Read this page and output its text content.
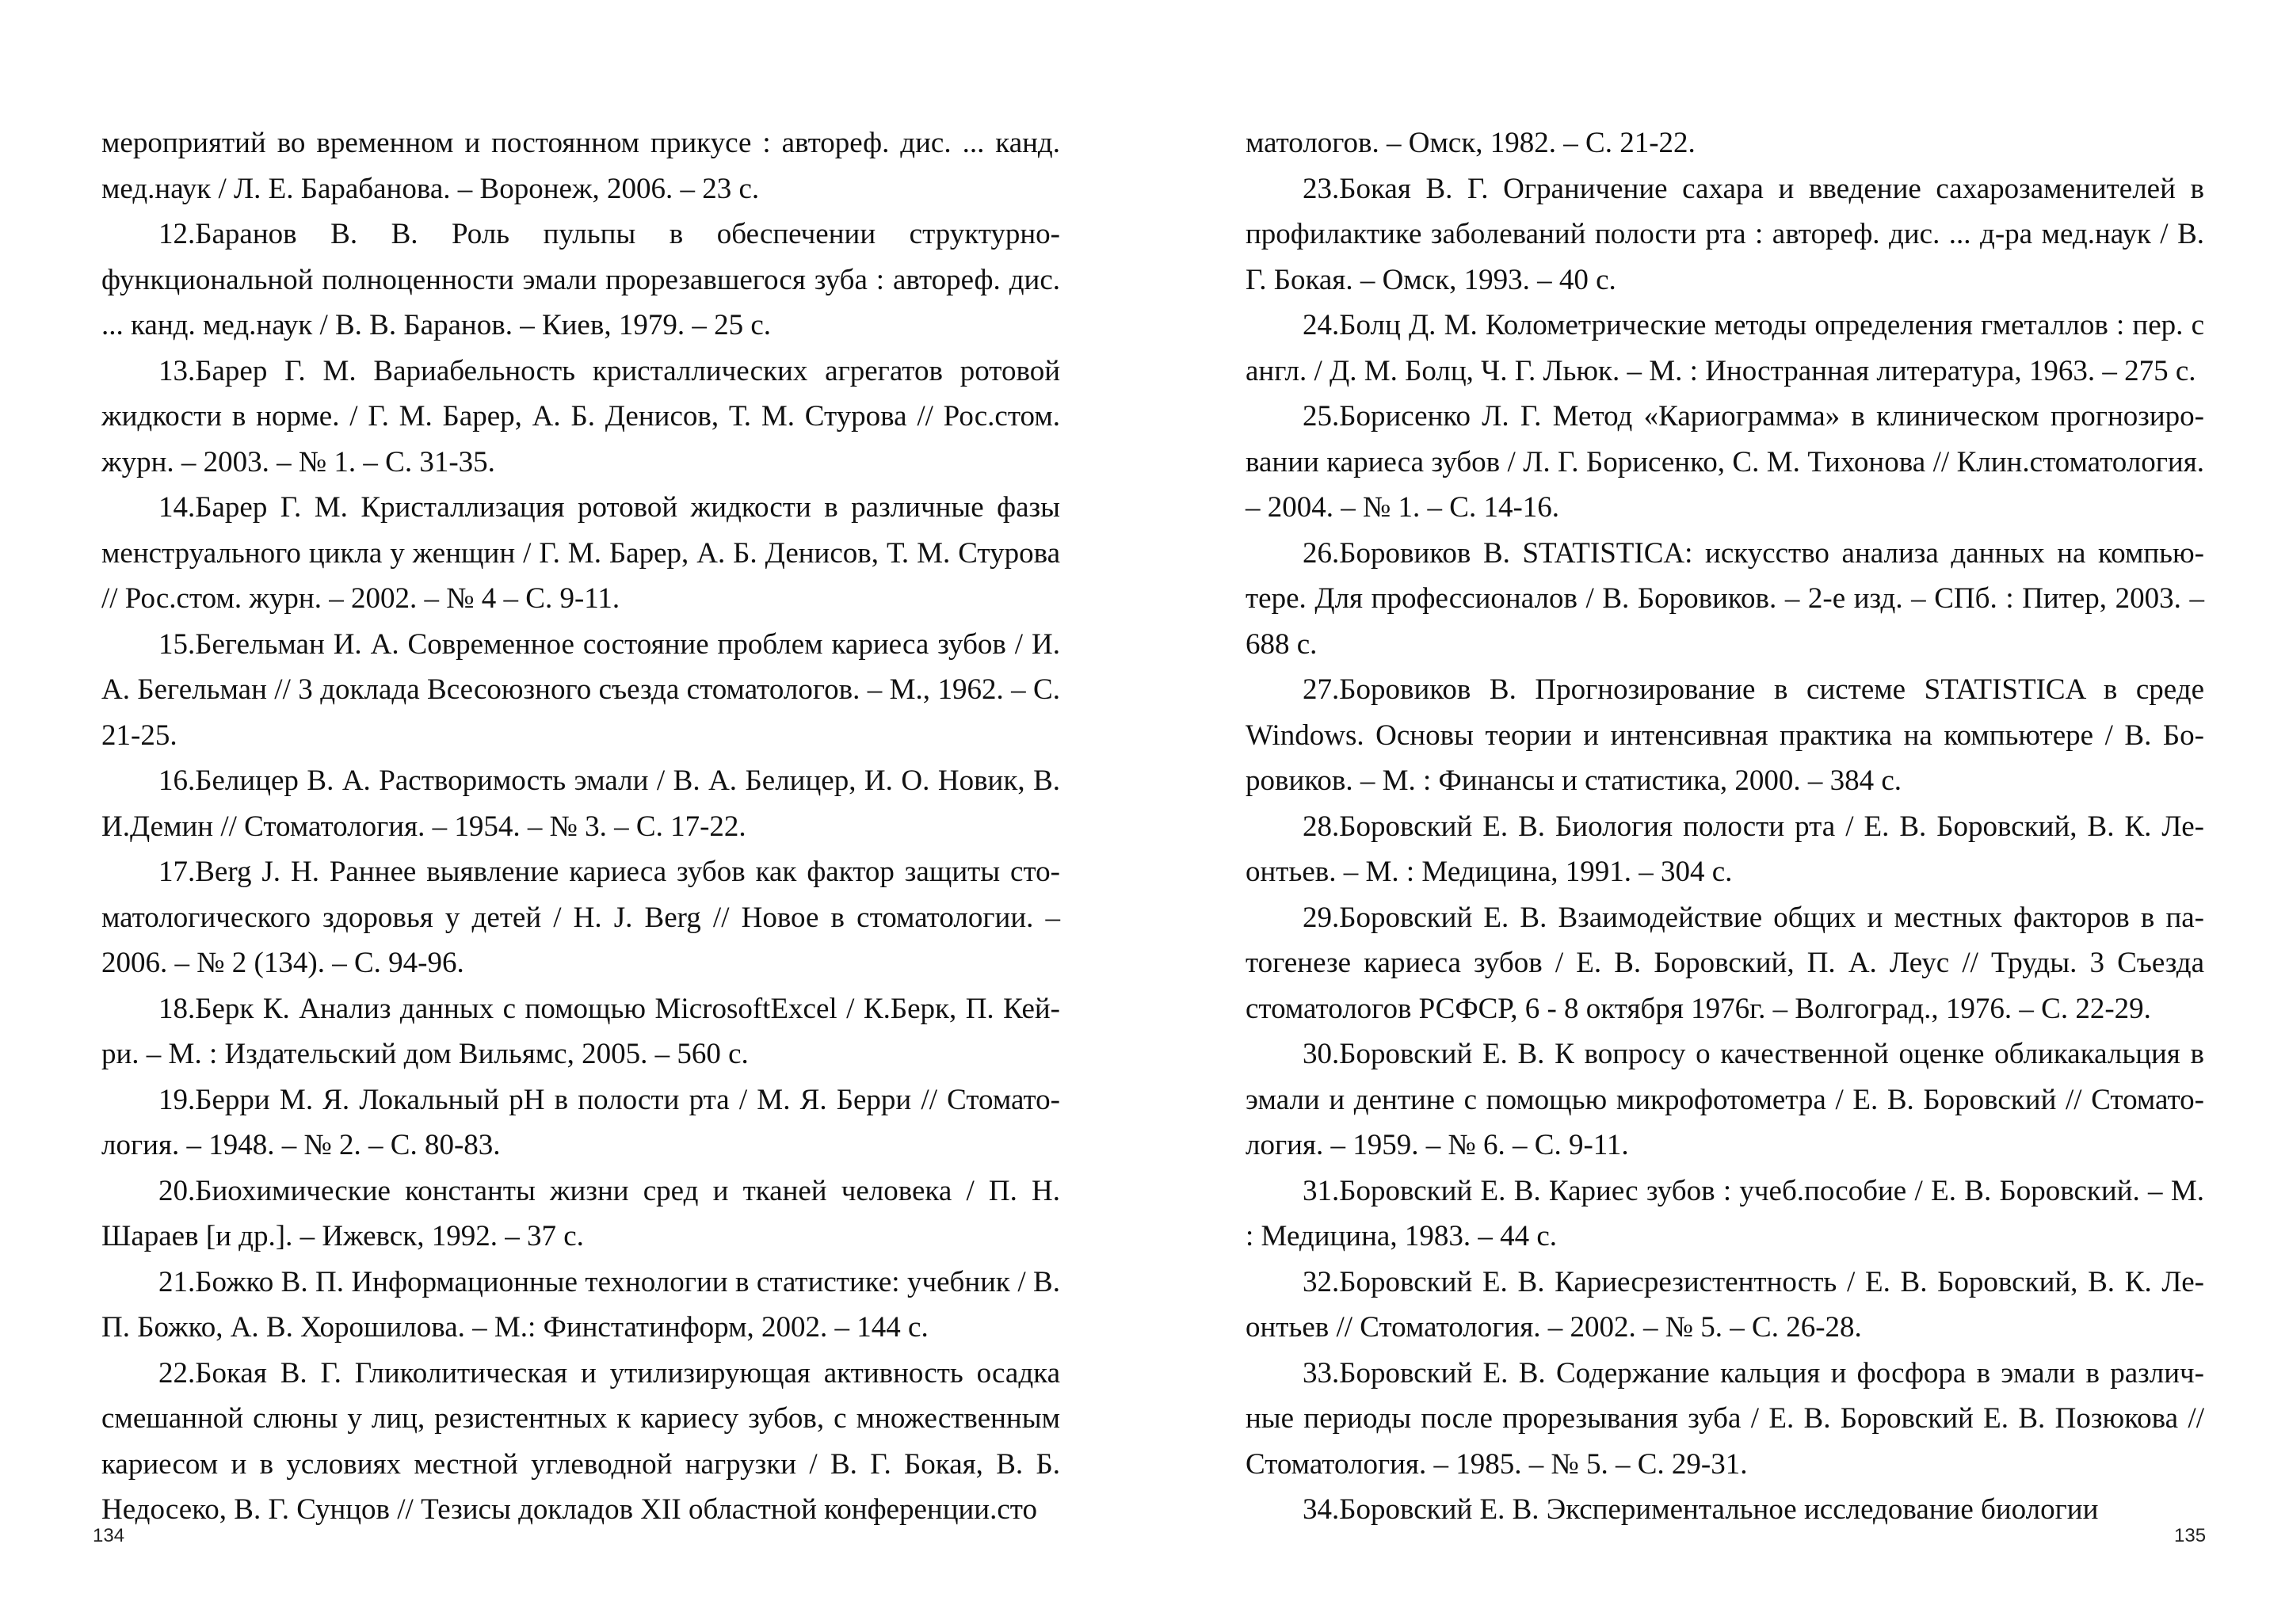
мероприятий во временном и постоянном прикусе : автореф. дис. ... канд. мед.наук / Л. Е. Барабанова. – Воронеж, 2006. – 23 с.

12.Баранов В. В. Роль пульпы в обеспечении структурно-функциональной полноценности эмали прорезавшегося зуба : автореф. дис. ... канд. мед.наук / В. В. Баранов. – Киев, 1979. – 25 с.

13.Барер Г. М. Вариабельность кристаллических агрегатов ротовой жидкости в норме. / Г. М. Барер, А. Б. Денисов, Т. М. Стурова // Рос.стом. журн. – 2003. – № 1. – С. 31-35.

14.Барер Г. М. Кристаллизация ротовой жидкости в различные фазы менструального цикла у женщин / Г. М. Барер, А. Б. Денисов, Т. М. Стурова // Рос.стом. журн. – 2002. – № 4 – С. 9-11.

15.Бегельман И. А. Современное состояние проблем кариеса зубов / И. А. Бегельман // 3 доклада Всесоюзного съезда стоматологов. – М., 1962. – С. 21-25.

16.Белицер В. А. Растворимость эмали / В. А. Белицер, И. О. Новик, В. И.Демин // Стоматология. – 1954. – № 3. – С. 17-22.

17.Berg J. H. Раннее выявление кариеса зубов как фактор защиты стоматологического здоровья у детей / H. J. Berg // Новое в стоматологии. – 2006. – № 2 (134). – С. 94-96.

18.Берк К. Анализ данных с помощью MicrosoftExcel / К.Берк, П. Кейри. – М. : Издательский дом Вильямс, 2005. – 560 с.

19.Берри М. Я. Локальный pH в полости рта / М. Я. Берри // Стоматология. – 1948. – № 2. – С. 80-83.

20.Биохимические константы жизни сред и тканей человека / П. Н. Шараев [и др.]. – Ижевск, 1992. – 37 с.

21.Божко В. П. Информационные технологии в статистике: учебник / В. П. Божко, А. В. Хорошилова. – М.: Финстатинформ, 2002. – 144 с.

22.Бокая В. Г. Гликолитическая и утилизирующая активность осадка смешанной слюны у лиц, резистентных к кариесу зубов, с множественным кариесом и в условиях местной углеводной нагрузки / В. Г. Бокая, В. Б. Недосеко, В. Г. Сунцов // Тезисы докладов XII областной конференции.сто

134

матологов. – Омск, 1982. – С. 21-22.

23.Бокая В. Г. Ограничение сахара и введение сахарозаменителей в профилактике заболеваний полости рта : автореф. дис. ... д-ра мед.наук / В. Г. Бокая. – Омск, 1993. – 40 с.

24.Болц Д. М. Колометрические методы определения гметаллов : пер. с англ. / Д. М. Болц, Ч. Г. Льюк. – М. : Иностранная литература, 1963. – 275 с.

25.Борисенко Л. Г. Метод «Кариограмма» в клиническом прогнозировании кариеса зубов / Л. Г. Борисенко, С. М. Тихонова // Клин.стоматология. – 2004. – № 1. – С. 14-16.

26.Боровиков В. STATISTICA: искусство анализа данных на компьютере. Для профессионалов / В. Боровиков. – 2-е изд. – СПб. : Питер, 2003. – 688 с.

27.Боровиков В. Прогнозирование в системе STATISTICA в среде Windows. Основы теории и интенсивная практика на компьютере / В. Боровиков. – М. : Финансы и статистика, 2000. – 384 с.

28.Боровский Е. В. Биология полости рта / Е. В. Боровский, В. К. Леонтьев. – М. : Медицина, 1991. – 304 с.

29.Боровский Е. В. Взаимодействие общих и местных факторов в патогенезе кариеса зубов / Е. В. Боровский, П. А. Леус // Труды. 3 Съезда стоматологов РСФСР, 6 - 8 октября 1976г. – Волгоград., 1976. – С. 22-29.

30.Боровский Е. В. К вопросу о качественной оценке обликакальция в эмали и дентине с помощью микрофотометра / Е. В. Боровский // Стоматология. – 1959. – № 6. – С. 9-11.

31.Боровский Е. В. Кариес зубов : учеб.пособие / Е. В. Боровский. – М. : Медицина, 1983. – 44 с.

32.Боровский Е. В. Кариесрезистентность / Е. В. Боровский, В. К. Леонтьев // Стоматология. – 2002. – № 5. – С. 26-28.

33.Боровский Е. В. Содержание кальция и фосфора в эмали в различные периоды после прорезывания зуба / Е. В. Боровский Е. В. Позюкова // Стоматология. – 1985. – № 5. – С. 29-31.

34.Боровский Е. В. Экспериментальное исследование биологии

135
